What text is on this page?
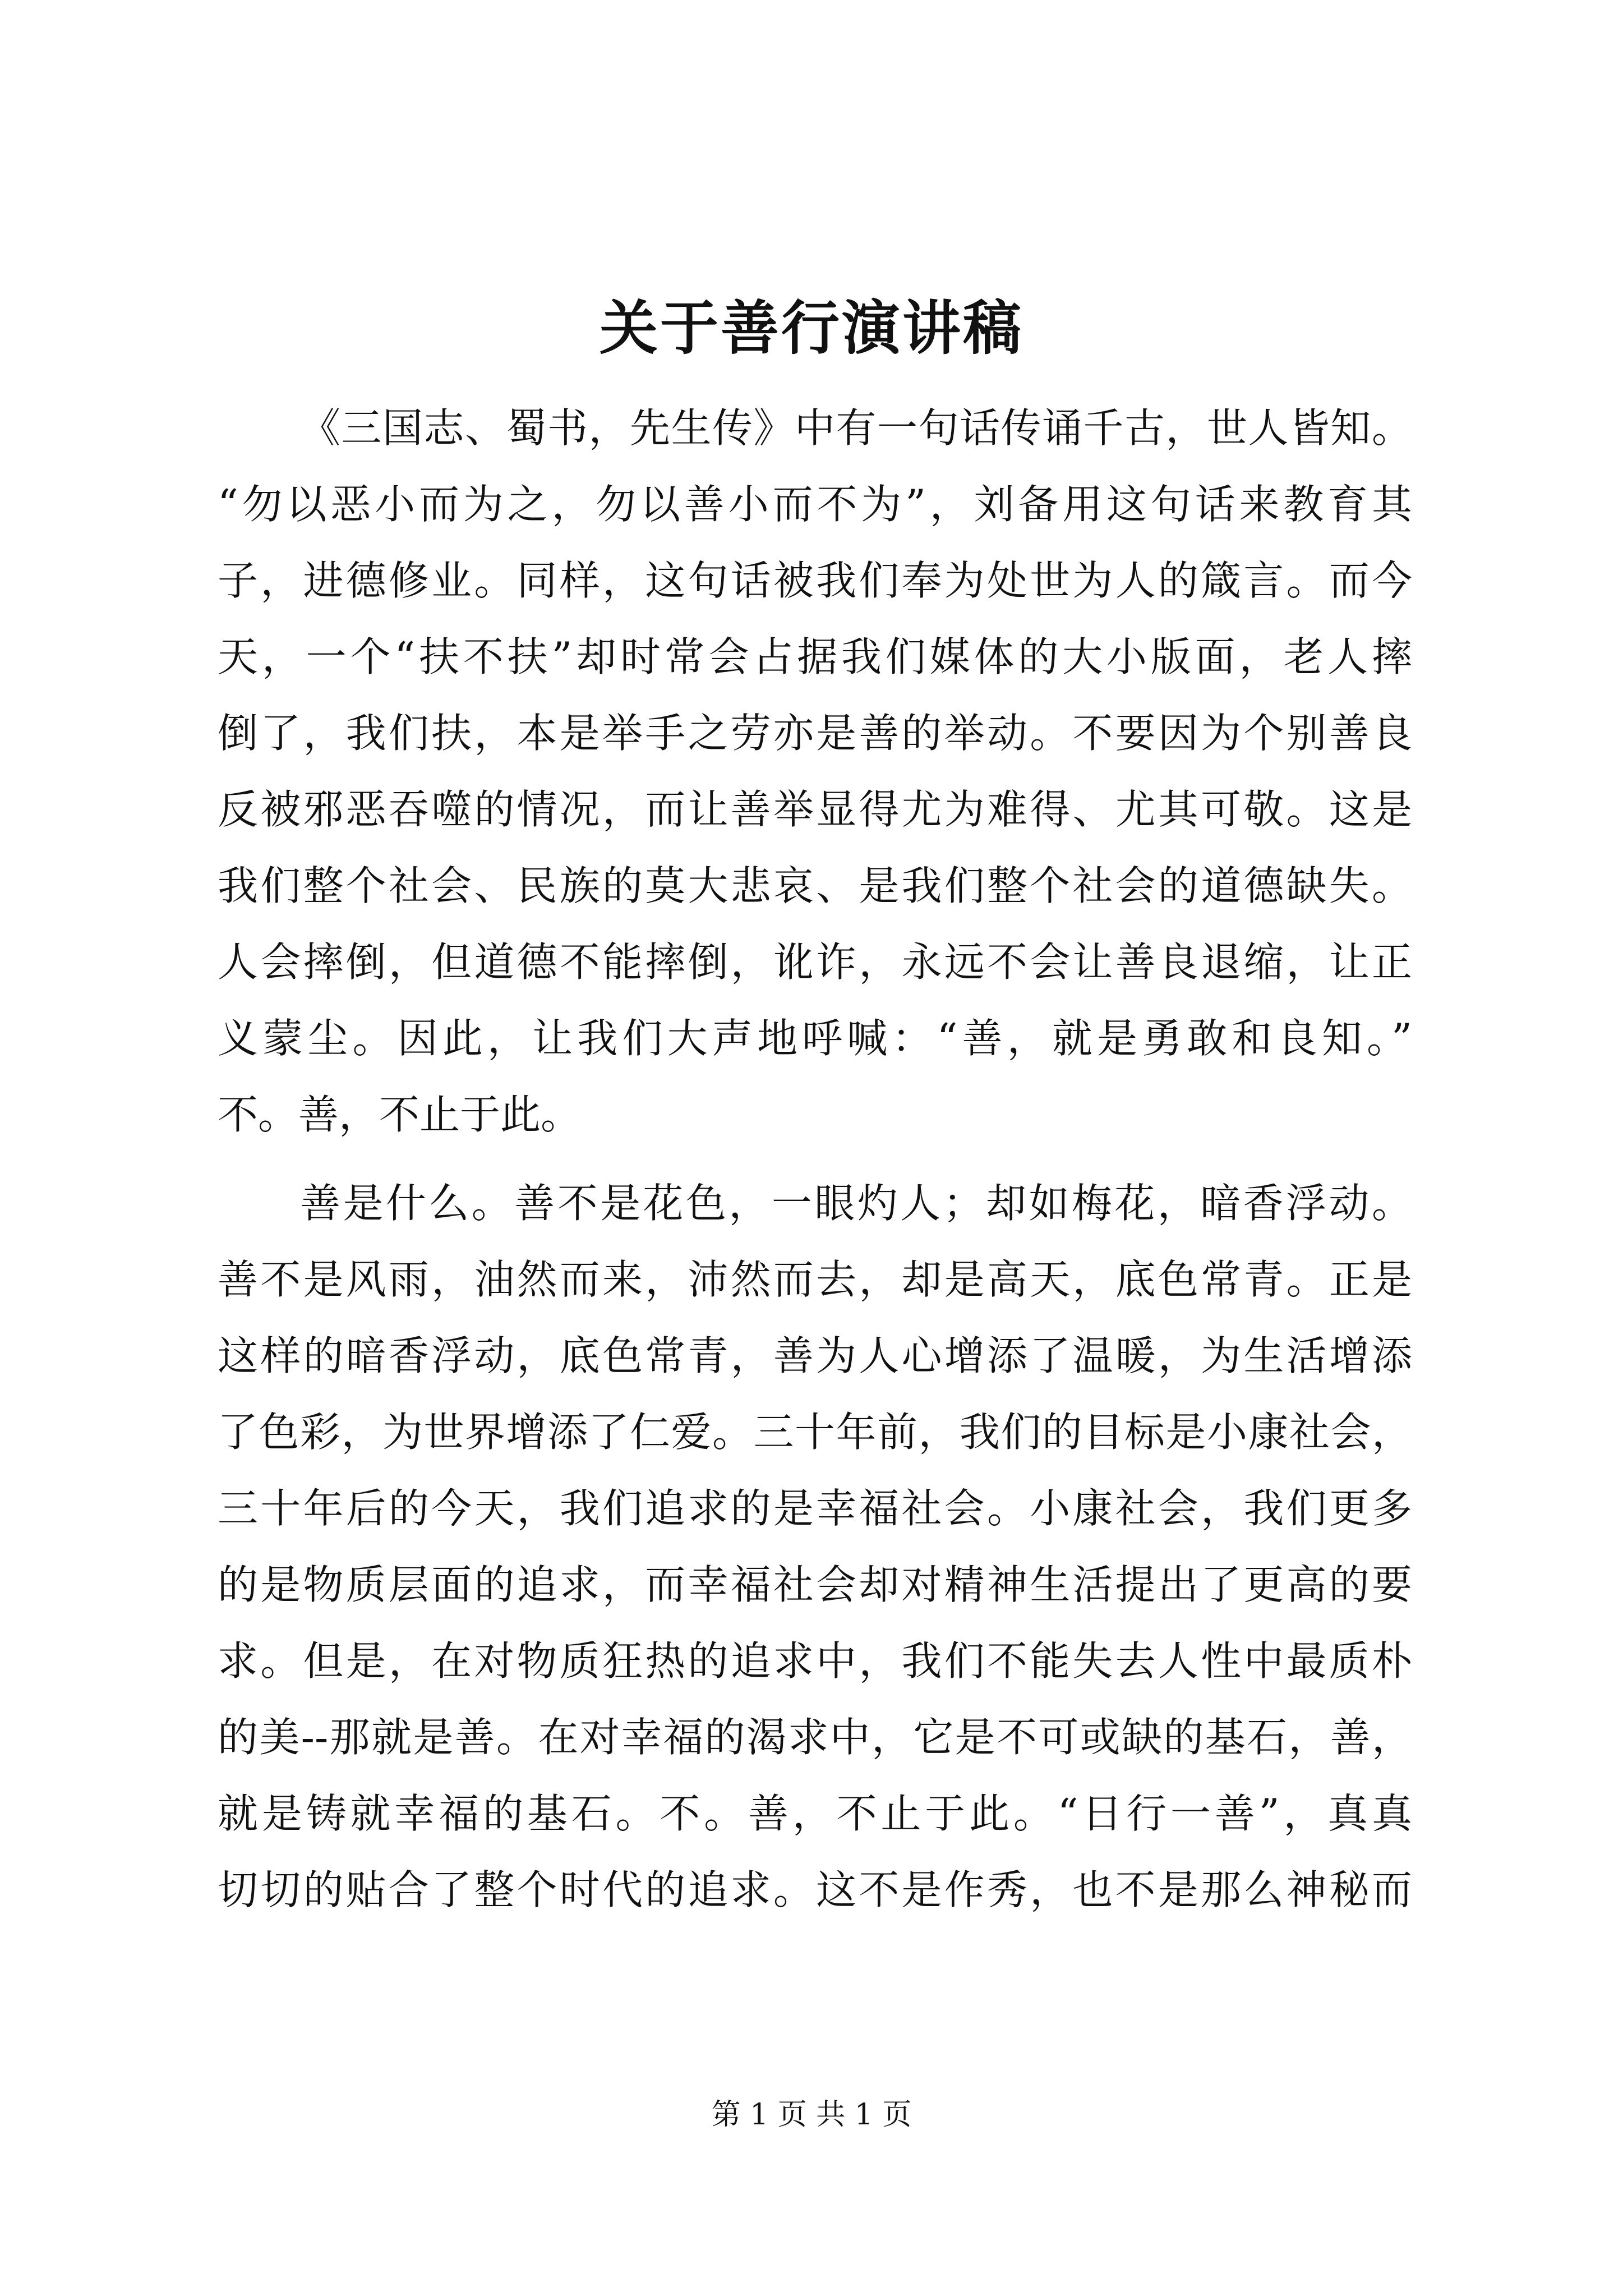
关于善行演讲稿

《三国志、蜀书，先生传》中有一句话传诵千古，世人皆知。

“勿以恶小而为之，勿以善小而不为”，刘备用这句话来教育其

子，进德修业。同样，这句话被我们奉为处世为人的箴言。而今

天，一个“扶不扶”却时常会占据我们媒体的大小版面，老人摔

倒了，我们扶，本是举手之劳亦是善的举动。不要因为个别善良

反被邪恶吞噬的情况，而让善举显得尤为难得、尤其可敬。这是

我们整个社会、民族的莫大悲哀、是我们整个社会的道德缺失。

人会摔倒，但道德不能摔倒，讹诈，永远不会让善良退缩，让正

义蒙尘。因此，让我们大声地呼喊：“善，就是勇敢和良知。”

不。善，不止于此。

善是什么。善不是花色，一眼灼人；却如梅花，暗香浮动。

善不是风雨，油然而来，沛然而去，却是高天，底色常青。正是

这样的暗香浮动，底色常青，善为人心增添了温暖，为生活增添

了色彩，为世界增添了仁爱。三十年前，我们的目标是小康社会，

三十年后的今天，我们追求的是幸福社会。小康社会，我们更多

的是物质层面的追求，而幸福社会却对精神生活提出了更高的要

求。但是，在对物质狂热的追求中，我们不能失去人性中最质朴

的美--那就是善。在对幸福的渴求中，它是不可或缺的基石，善，

就是铸就幸福的基石。不。善，不止于此。“日行一善”，真真

切切的贴合了整个时代的追求。这不是作秀，也不是那么神秘而

第 1 页 共 1 页
